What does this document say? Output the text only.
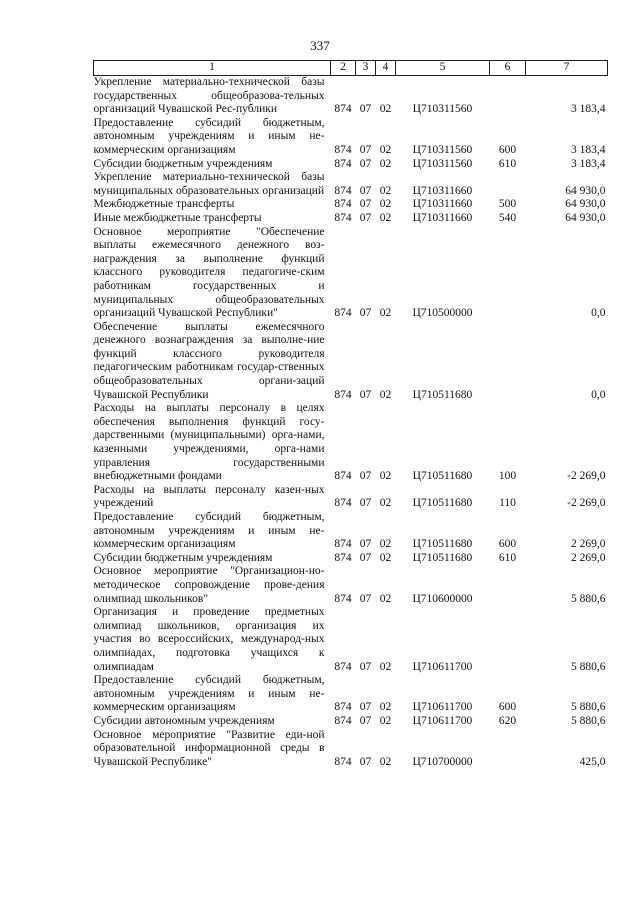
337
1	2	3	4	5	6	7
Укрепление материально-технической базы государственных общеобразова-тельных организаций Чувашской Рес-публики	874	07	02	Ц710311560		3 183,4
Предоставление субсидий бюджетным, автономным учреждениям и иным не-коммерческим организациям	874	07	02	Ц710311560	600	3 183,4
Субсидии бюджетным учреждениям	874	07	02	Ц710311560	610	3 183,4
Укрепление материально-технической базы муниципальных образовательных организаций	874	07	02	Ц710311660		64 930,0
Межбюджетные трансферты	874	07	02	Ц710311660	500	64 930,0
Иные межбюджетные трансферты	874	07	02	Ц710311660	540	64 930,0
Основное мероприятие "Обеспечение выплаты ежемесячного денежного воз-награждения за выполнение функций классного руководителя педагогиче-ским работникам государственных и муниципальных общеобразовательных организаций Чувашской Республики"	874	07	02	Ц710500000		0,0
Обеспечение выплаты ежемесячного денежного вознаграждения за выполне-ние функций классного руководителя педагогическим работникам государ-ственных общеобразовательных органи-заций Чувашской Республики	874	07	02	Ц710511680		0,0
Расходы на выплаты персоналу в целях обеспечения выполнения функций госу-дарственными (муниципальными) орга-нами, казенными учреждениями, орга-нами управления государственными внебюджетными фондами	874	07	02	Ц710511680	100	-2 269,0
Расходы на выплаты персоналу казен-ных учреждений	874	07	02	Ц710511680	110	-2 269,0
Предоставление субсидий бюджетным, автономным учреждениям и иным не-коммерческим организациям	874	07	02	Ц710511680	600	2 269,0
Субсидии бюджетным учреждениям	874	07	02	Ц710511680	610	2 269,0
Основное мероприятие "Организацион-но-методическое сопровождение прове-дения олимпиад школьников"	874	07	02	Ц710600000		5 880,6
Организация и проведение предметных олимпиад школьников, организация их участия во всероссийских, международ-ных олимпиадах, подготовка учащихся к олимпиадам	874	07	02	Ц710611700		5 880,6
Предоставление субсидий бюджетным, автономным учреждениям и иным не-коммерческим организациям	874	07	02	Ц710611700	600	5 880,6
Субсидии автономным учреждениям	874	07	02	Ц710611700	620	5 880,6
Основное мероприятие "Развитие еди-ной образовательной информационной среды в Чувашской Республике"	874	07	02	Ц710700000		425,0
